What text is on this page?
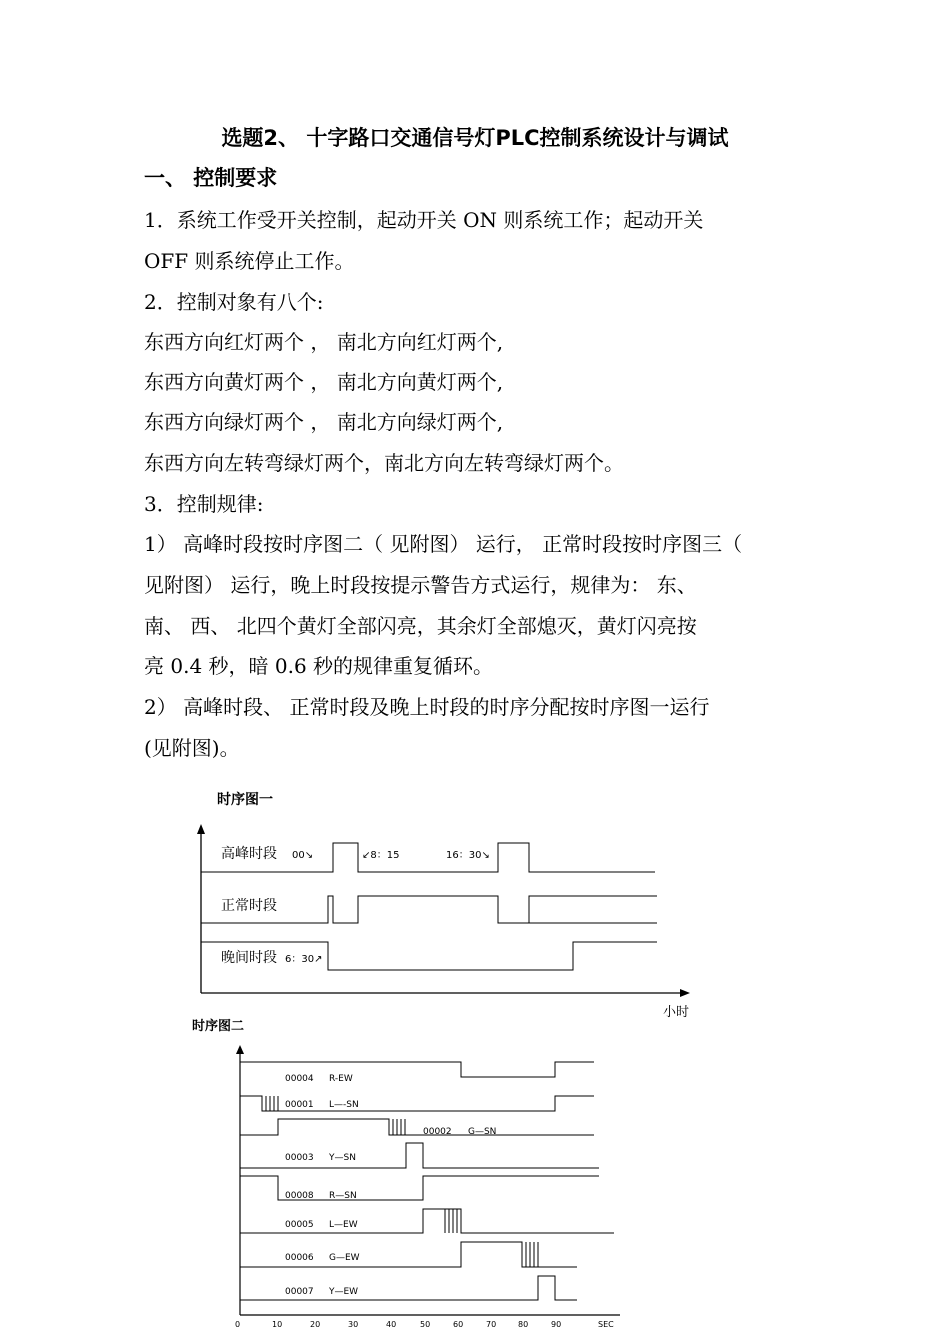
选题2、 十字路口交通信号灯PLC控制系统设计与调试
一、 控制要求
1．系统工作受开关控制，起动开关 ON 则系统工作；起动开关
OFF 则系统停止工作。
2．控制对象有八个:
东西方向红灯两个 ， 南北方向红灯两个,
东西方向黄灯两个 ， 南北方向黄灯两个,
东西方向绿灯两个 ， 南北方向绿灯两个,
东西方向左转弯绿灯两个，南北方向左转弯绿灯两个。
3．控制规律:
1） 高峰时段按时序图二（ 见附图） 运行， 正常时段按时序图三（
见附图） 运行，晚上时段按提示警告方式运行，规律为： 东、
南、 西、 北四个黄灯全部闪亮，其余灯全部熄灭，黄灯闪亮按
亮 0.4 秒，暗 0.6 秒的规律重复循环。
2） 高峰时段、 正常时段及晚上时段的时序分配按时序图一运行
(见附图)。
时序图一
小时
高峰时段 00↘	↙8：15	16：30↘
正常时段
晚间时段 6：30↗
时序图二
SEC
0	10	20	30	40	50	60	70	80	90
00004 R-EW
00001 L—-SN
00002 G—SN
00003 Y—SN
00008 R—SN
00005 L—EW
00006 G—EW
00007 Y—EW
